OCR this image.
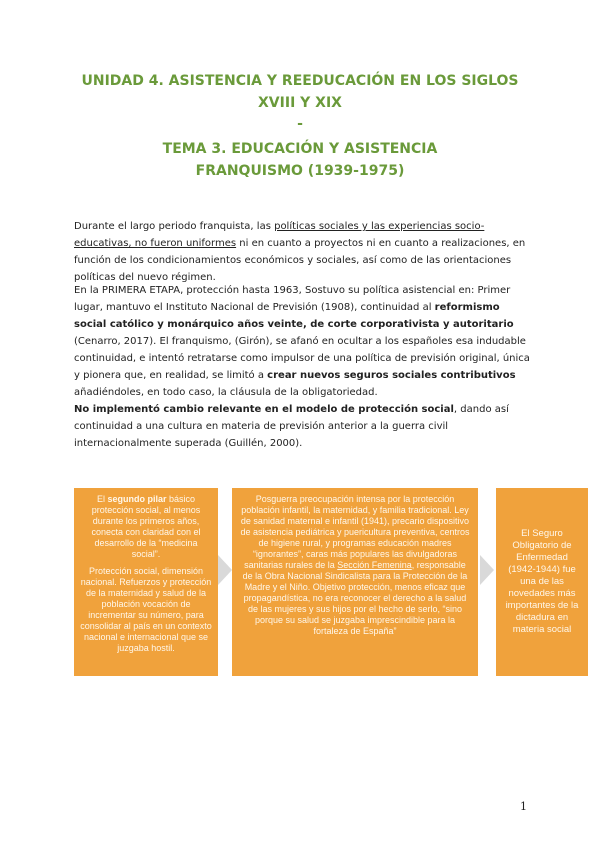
UNIDAD 4. ASISTENCIA Y REEDUCACIÓN EN LOS SIGLOS
XVIII Y XIX
-
TEMA 3. EDUCACIÓN Y ASISTENCIA
FRANQUISMO (1939-1975)
Durante el largo periodo franquista, las políticas sociales y las experiencias socio-educativas, no fueron uniformes ni en cuanto a proyectos ni en cuanto a realizaciones, en función de los condicionamientos económicos y sociales, así como de las orientaciones políticas del nuevo régimen.
En la PRIMERA ETAPA, protección hasta 1963, Sostuvo su política asistencial en: Primer lugar, mantuvo el Instituto Nacional de Previsión (1908), continuidad al reformismo social católico y monárquico años veinte, de corte corporativista y autoritario (Cenarro, 2017). El franquismo, (Girón), se afanó en ocultar a los españoles esa indudable continuidad, e intentó retratarse como impulsor de una política de previsión original, única y pionera que, en realidad, se limitó a crear nuevos seguros sociales contributivos añadiéndoles, en todo caso, la cláusula de la obligatoriedad.
No implementó cambio relevante en el modelo de protección social, dando así continuidad a una cultura en materia de previsión anterior a la guerra civil internacionalmente superada (Guillén, 2000).

El segundo pilar básico protección social, al menos durante los primeros años, conecta con claridad con el desarrollo de la “medicina social”.

Protección social, dimensión nacional. Refuerzos y protección de la maternidad y salud de la población vocación de incrementar su número, para consolidar al país en un contexto nacional e internacional que se juzgaba hostil.

Posguerra preocupación intensa por la protección población infantil, la maternidad, y familia tradicional. Ley de sanidad maternal e infantil (1941), precario dispositivo de asistencia pediátrica y puericultura preventiva, centros de higiene rural, y programas educación madres “ignorantes”, caras más populares las divulgadoras sanitarias rurales de la Sección Femenina, responsable de la Obra Nacional Sindicalista para la Protección de la Madre y el Niño. Objetivo protección, menos eficaz que propagandística, no era reconocer el derecho a la salud de las mujeres y sus hijos por el hecho de serlo, “sino porque su salud se juzgaba imprescindible para la fortaleza de España”
El Seguro Obligatorio de Enfermedad (1942-1944) fue una de las novedades más importantes de la dictadura en materia social
1
